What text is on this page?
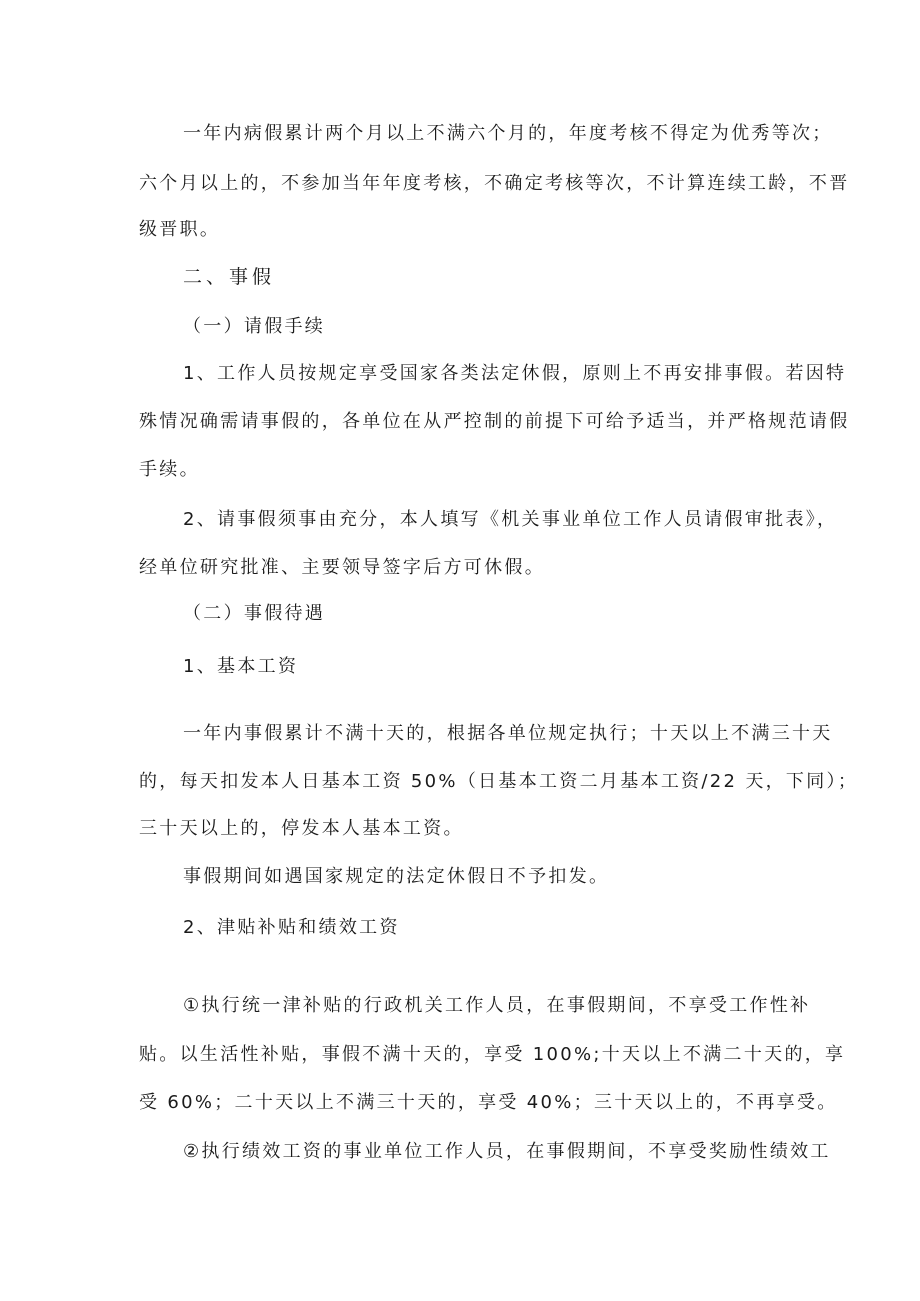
一年内病假累计两个月以上不满六个月的，年度考核不得定为优秀等次；
六个月以上的，不参加当年年度考核，不确定考核等次，不计算连续工龄，不晋
级晋职。
二、事假
（一）请假手续
1、工作人员按规定享受国家各类法定休假，原则上不再安排事假。若因特
殊情况确需请事假的，各单位在从严控制的前提下可给予适当，并严格规范请假
手续。
2、请事假须事由充分，本人填写《机关事业单位工作人员请假审批表》，
经单位研究批准、主要领导签字后方可休假。
（二）事假待遇
1、基本工资
一年内事假累计不满十天的，根据各单位规定执行；十天以上不满三十天
的，每天扣发本人日基本工资 50%（日基本工资二月基本工资/22 天，下同）；
三十天以上的，停发本人基本工资。
事假期间如遇国家规定的法定休假日不予扣发。
2、津贴补贴和绩效工资
①执行统一津补贴的行政机关工作人员，在事假期间，不享受工作性补
贴。以生活性补贴，事假不满十天的，享受 100%;十天以上不满二十天的，享
受 60%；二十天以上不满三十天的，享受 40%；三十天以上的，不再享受。
②执行绩效工资的事业单位工作人员，在事假期间，不享受奖励性绩效工
